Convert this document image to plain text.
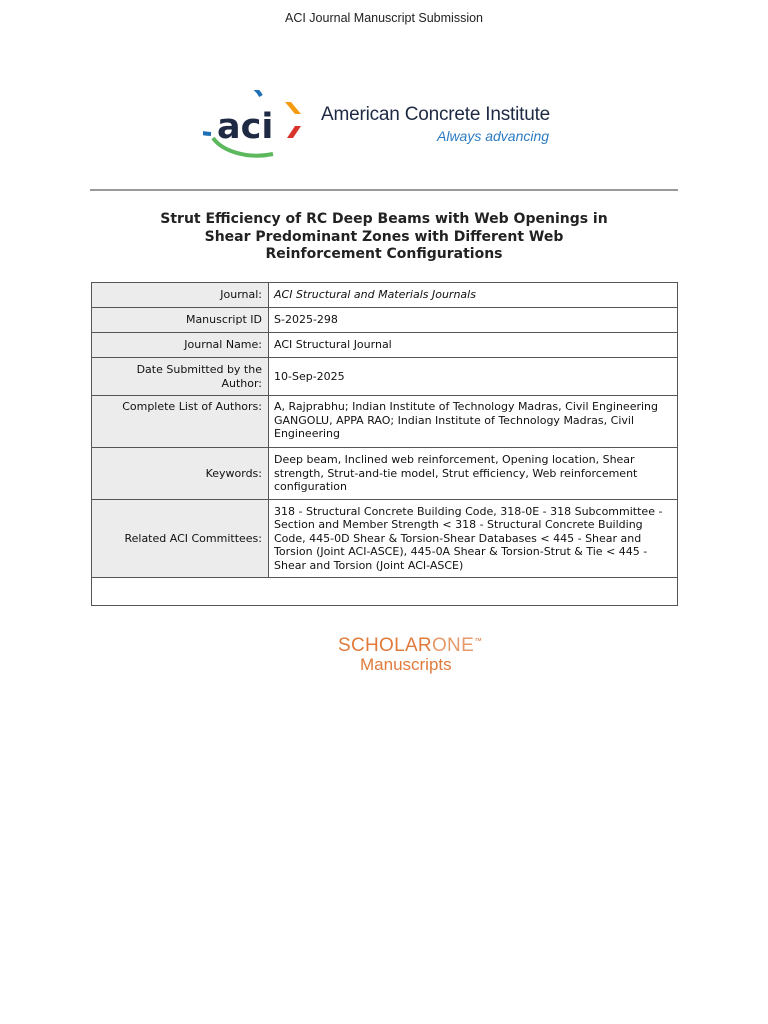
ACI Journal Manuscript Submission
aci	American Concrete Institute
Always advancing
Strut Efficiency of RC Deep Beams with Web Openings in
Shear Predominant Zones with Different Web
Reinforcement Configurations
Journal:	ACI Structural and Materials Journals
Manuscript ID	S-2025-298
Journal Name:	ACI Structural Journal
Date Submitted by the Author:	10-Sep-2025
Complete List of Authors:	A, Rajprabhu; Indian Institute of Technology Madras, Civil Engineering GANGOLU, APPA RAO; Indian Institute of Technology Madras, Civil Engineering
Keywords:	Deep beam, Inclined web reinforcement, Opening location, Shear strength, Strut-and-tie model, Strut efficiency, Web reinforcement configuration
Related ACI Committees:	318 - Structural Concrete Building Code, 318-0E - 318 Subcommittee - Section and Member Strength < 318 - Structural Concrete Building Code, 445-0D Shear & Torsion-Shear Databases < 445 - Shear and Torsion (Joint ACI-ASCE), 445-0A Shear & Torsion-Strut & Tie < 445 - Shear and Torsion (Joint ACI-ASCE)

SCHOLARONE™
Manuscripts
